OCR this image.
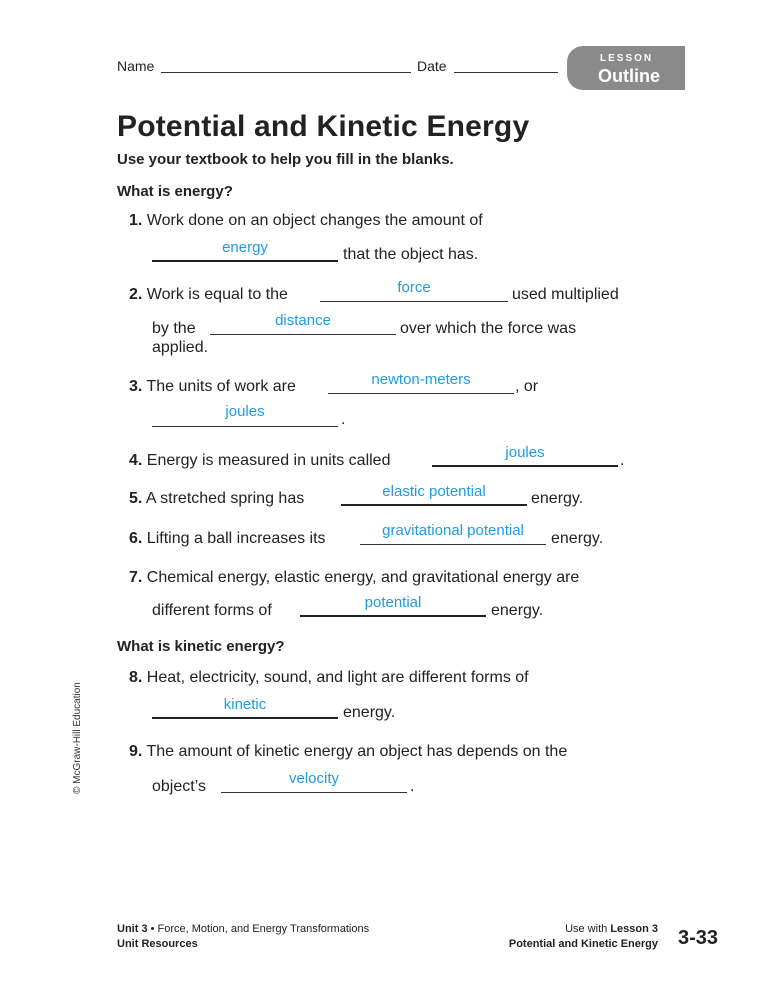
Name	Date	LESSON
Outline
Potential and Kinetic Energy
Use your textbook to help you fill in the blanks.
What is energy?
1. Work done on an object changes the amount of
energy	that the object has.
2. Work is equal to the	force	used multiplied
by the	distance	over which the force was
applied.
3. The units of work are	newton-meters	, or
joules	.
4. Energy is measured in units called	joules	.
5. A stretched spring has	elastic potential	energy.
6. Lifting a ball increases its	gravitational potential	energy.
7. Chemical energy, elastic energy, and gravitational energy are
different forms of	potential	energy.
What is kinetic energy?
8. Heat, electricity, sound, and light are different forms of
kinetic	energy.
9. The amount of kinetic energy an object has depends on the
object’s	velocity	.
© McGraw-Hill Education
Unit 3 • Force, Motion, and Energy Transformations
Unit Resources
Use with Lesson 3
Potential and Kinetic Energy 3-33
